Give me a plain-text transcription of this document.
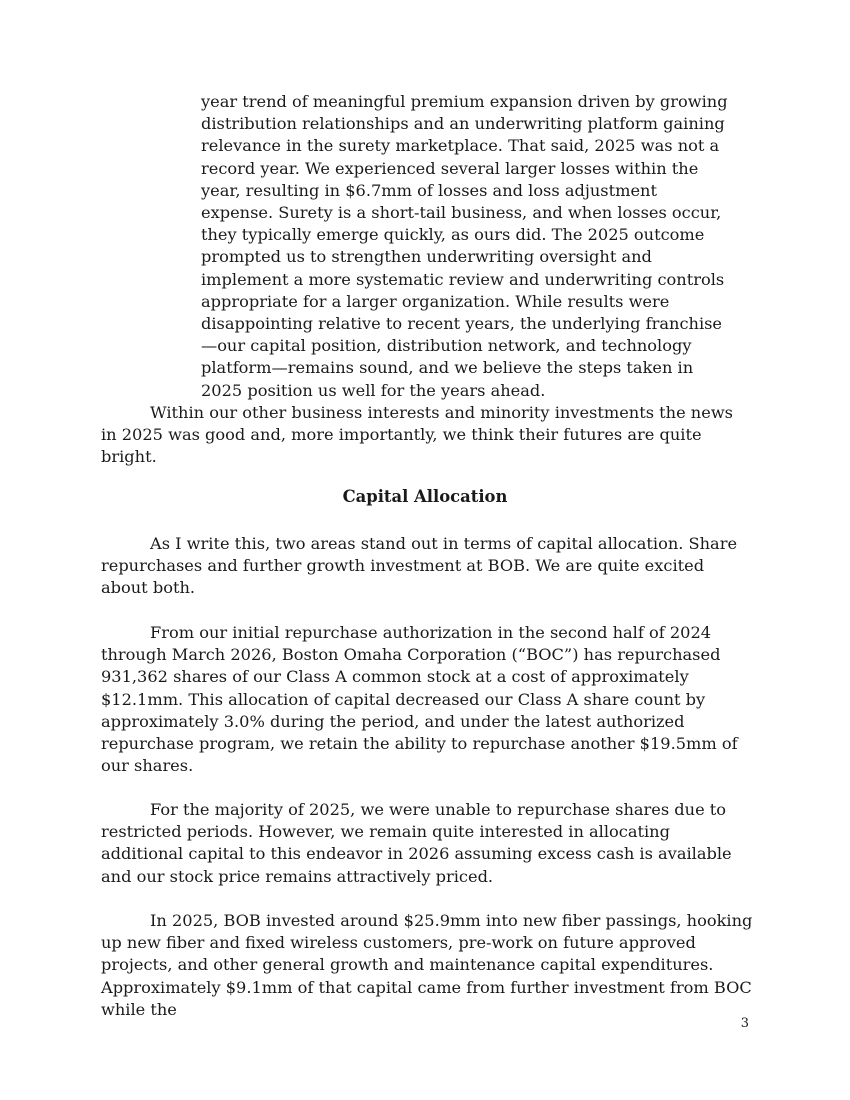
year trend of meaningful premium expansion driven by growing distribution relationships and an underwriting platform gaining relevance in the surety marketplace. That said, 2025 was not a record year. We experienced several larger losses within the year, resulting in $6.7mm of losses and loss adjustment expense. Surety is a short-tail business, and when losses occur, they typically emerge quickly, as ours did. The 2025 outcome prompted us to strengthen underwriting oversight and implement a more systematic review and underwriting controls appropriate for a larger organization. While results were disappointing relative to recent years, the underlying franchise—our capital position, distribution network, and technology platform—remains sound, and we believe the steps taken in 2025 position us well for the years ahead.

Within our other business interests and minority investments the news in 2025 was good and, more importantly, we think their futures are quite bright.

Capital Allocation

As I write this, two areas stand out in terms of capital allocation. Share repurchases and further growth investment at BOB. We are quite excited about both.

From our initial repurchase authorization in the second half of 2024 through March 2026, Boston Omaha Corporation (“BOC”) has repurchased 931,362 shares of our Class A common stock at a cost of approximately $12.1mm. This allocation of capital decreased our Class A share count by approximately 3.0% during the period, and under the latest authorized repurchase program, we retain the ability to repurchase another $19.5mm of our shares.

For the majority of 2025, we were unable to repurchase shares due to restricted periods. However, we remain quite interested in allocating additional capital to this endeavor in 2026 assuming excess cash is available and our stock price remains attractively priced.

In 2025, BOB invested around $25.9mm into new fiber passings, hooking up new fiber and fixed wireless customers, pre-work on future approved projects, and other general growth and maintenance capital expenditures. Approximately $9.1mm of that capital came from further investment from BOC while the

3
